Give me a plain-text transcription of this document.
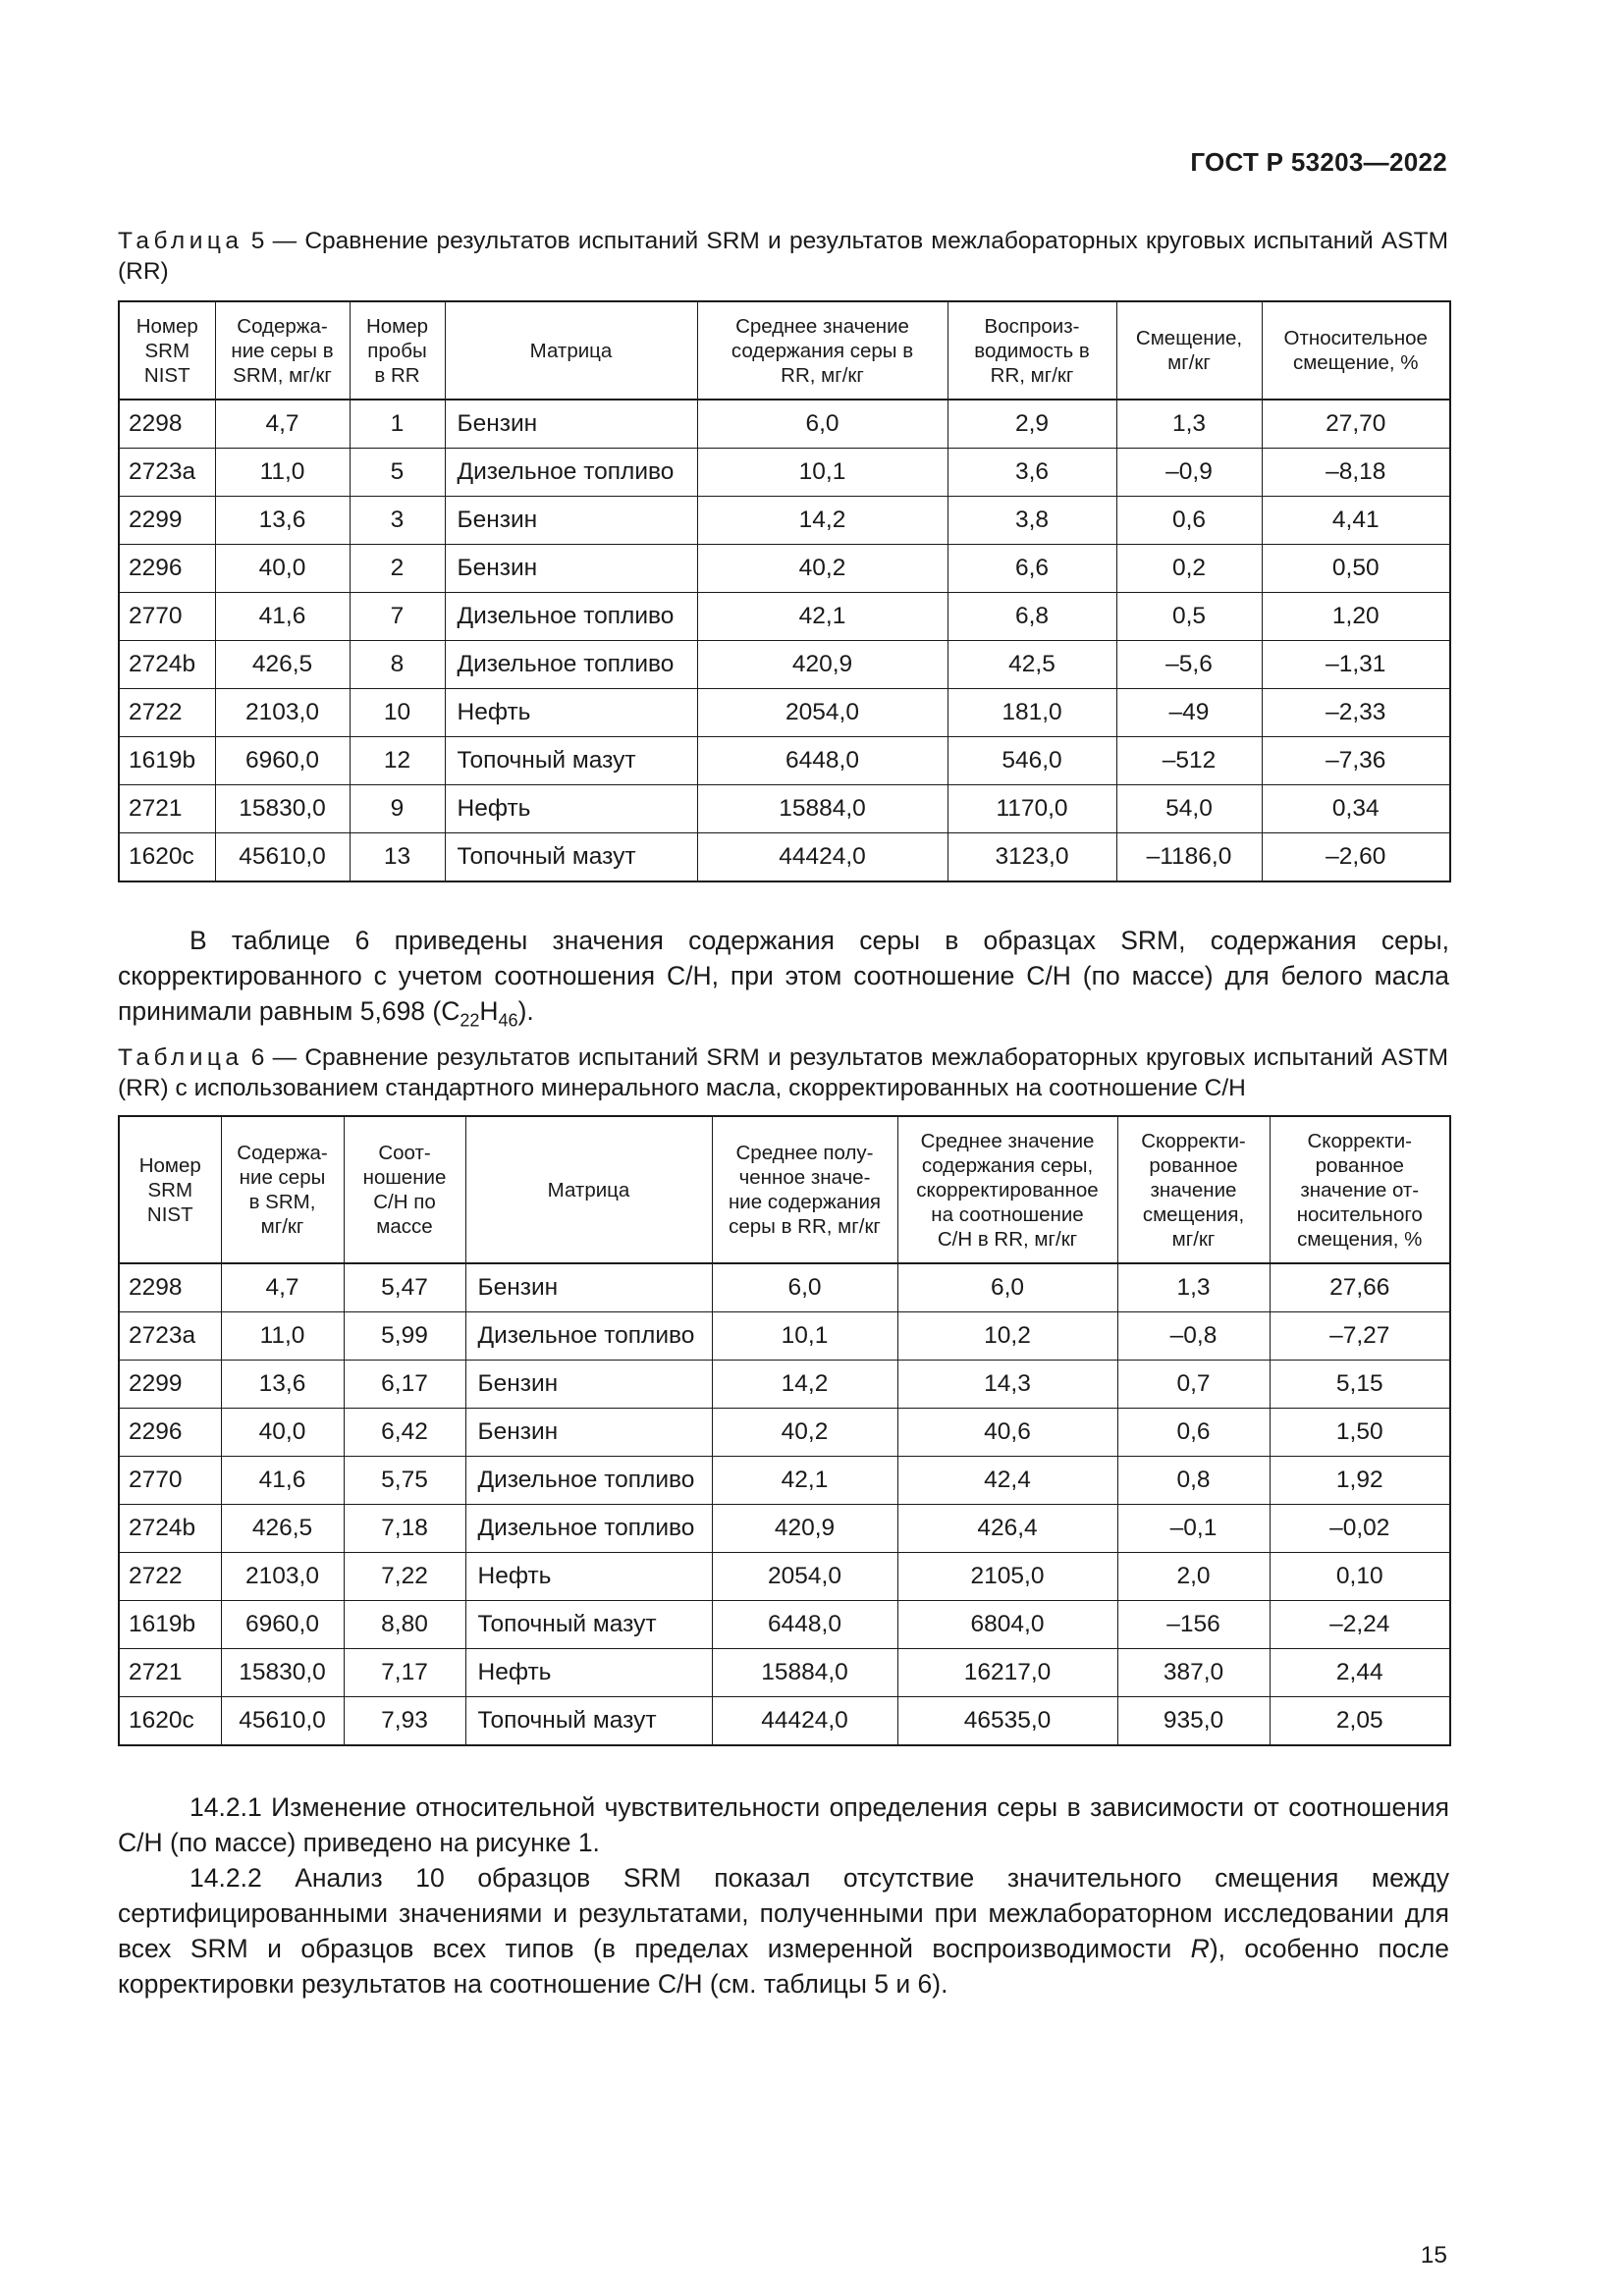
ГОСТ Р 53203—2022
Таблица 5 — Сравнение результатов испытаний SRM и результатов межлабораторных круговых испытаний ASTM (RR)
Номер
SRM
NIST	Содержа-
ние серы в
SRM, мг/кг	Номер
пробы
в RR	Матрица	Среднее значение
содержания серы в
RR, мг/кг	Воспроиз-
водимость в
RR, мг/кг	Смещение,
мг/кг	Относительное
смещение, %
2298	4,7	1	Бензин	6,0	2,9	1,3	27,70
2723a	11,0	5	Дизельное топливо	10,1	3,6	–0,9	–8,18
2299	13,6	3	Бензин	14,2	3,8	0,6	4,41
2296	40,0	2	Бензин	40,2	6,6	0,2	0,50
2770	41,6	7	Дизельное топливо	42,1	6,8	0,5	1,20
2724b	426,5	8	Дизельное топливо	420,9	42,5	–5,6	–1,31
2722	2103,0	10	Нефть	2054,0	181,0	–49	–2,33
1619b	6960,0	12	Топочный мазут	6448,0	546,0	–512	–7,36
2721	15830,0	9	Нефть	15884,0	1170,0	54,0	0,34
1620c	45610,0	13	Топочный мазут	44424,0	3123,0	–1186,0	–2,60

В таблице 6 приведены значения содержания серы в образцах SRM, содержания серы, скорректированного с учетом соотношения С/Н, при этом соотношение С/Н (по массе) для белого масла принимали равным 5,698 $(С_{22}H_{46})$.

Таблица 6 — Сравнение результатов испытаний SRM и результатов межлабораторных круговых испытаний ASTM (RR) с использованием стандартного минерального масла, скорректированных на соотношение С/Н
Номер
SRM
NIST	Содержа-
ние серы
в SRM,
мг/кг	Соот-
ношение
С/Н по
массе	Матрица	Среднее полу-
ченное значе-
ние содержания
серы в RR, мг/кг	Среднее значение
содержания серы,
скорректированное
на соотношение
С/Н в RR, мг/кг	Скорректи-
рованное
значение
смещения,
мг/кг	Скорректи-
рованное
значение от-
носительного
смещения, %
2298	4,7	5,47	Бензин	6,0	6,0	1,3	27,66
2723a	11,0	5,99	Дизельное топливо	10,1	10,2	–0,8	–7,27
2299	13,6	6,17	Бензин	14,2	14,3	0,7	5,15
2296	40,0	6,42	Бензин	40,2	40,6	0,6	1,50
2770	41,6	5,75	Дизельное топливо	42,1	42,4	0,8	1,92
2724b	426,5	7,18	Дизельное топливо	420,9	426,4	–0,1	–0,02
2722	2103,0	7,22	Нефть	2054,0	2105,0	2,0	0,10
1619b	6960,0	8,80	Топочный мазут	6448,0	6804,0	–156	–2,24
2721	15830,0	7,17	Нефть	15884,0	16217,0	387,0	2,44
1620c	45610,0	7,93	Топочный мазут	44424,0	46535,0	935,0	2,05

14.2.1 Изменение относительной чувствительности определения серы в зависимости от соотношения С/Н (по массе) приведено на рисунке 1.

14.2.2 Анализ 10 образцов SRM показал отсутствие значительного смещения между сертифицированными значениями и результатами, полученными при межлабораторном исследовании для всех SRM и образцов всех типов (в пределах измеренной воспроизводимости R), особенно после корректировки результатов на соотношение С/Н (см. таблицы 5 и 6).

15
